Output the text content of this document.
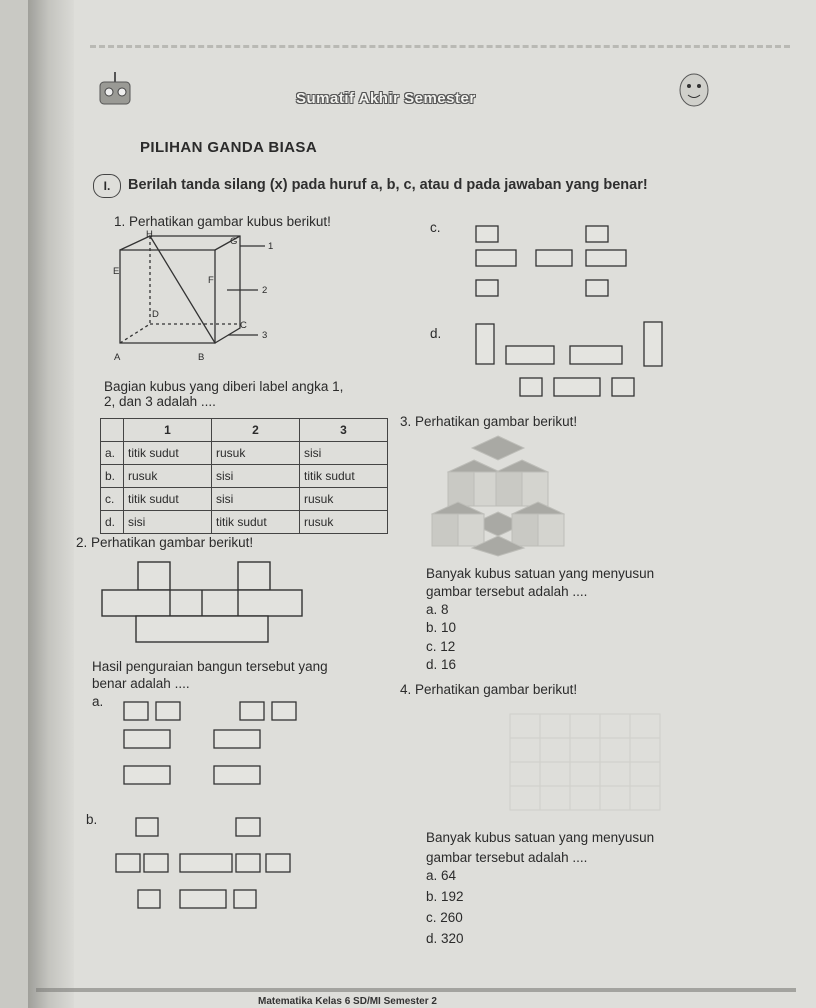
Sumatif Akhir Semester
PILIHAN GANDA BIASA
I.	Berilah tanda silang (x) pada huruf a, b, c, atau d pada jawaban yang benar!
1. Perhatikan gambar kubus berikut!
H
G
E
F
D
C
A	B
1
2
3
Bagian kubus yang diberi label angka 1,
2, dan 3 adalah ....
	1	2	3
a.	titik sudut	rusuk	sisi
b.	rusuk	sisi	titik sudut
c.	titik sudut	sisi	rusuk
d.	sisi	titik sudut	rusuk
c.
d.
2. Perhatikan gambar berikut!
Hasil penguraian bangun tersebut yang
benar adalah ....
a.
b.
3. Perhatikan gambar berikut!
Banyak kubus satuan yang menyusun
gambar tersebut adalah ....
a. 8
b. 10
c. 12
d. 16
4. Perhatikan gambar berikut!
Banyak kubus satuan yang menyusun
gambar tersebut adalah ....
a. 64
b. 192
c. 260
d. 320
Matematika Kelas 6 SD/MI Semester 2
